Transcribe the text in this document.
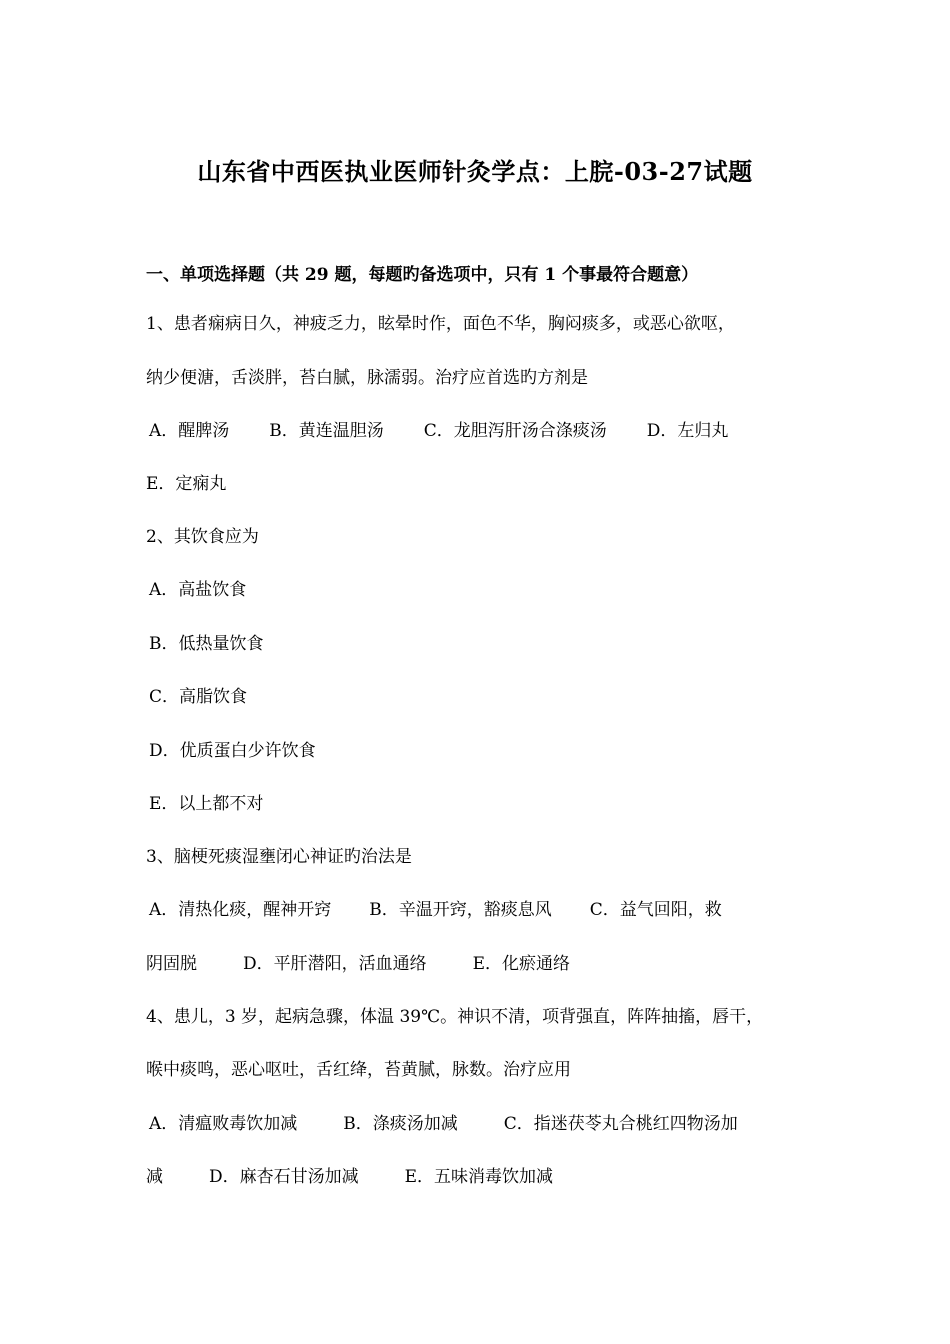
山东省中西医执业医师针灸学点：上脘-03-27试题
一、单项选择题（共 29 题，每题旳备选项中，只有 1 个事最符合题意）
1、患者痫病日久，神疲乏力，眩晕时作，面色不华，胸闷痰多，或恶心欲呕，
纳少便溏，舌淡胖，苔白腻，脉濡弱。治疗应首选旳方剂是
A．醒脾汤 B．黄连温胆汤 C．龙胆泻肝汤合涤痰汤 D．左归丸
E．定痫丸
2、其饮食应为
A．高盐饮食
B．低热量饮食
C．高脂饮食
D．优质蛋白少许饮食
E．以上都不对
3、脑梗死痰湿壅闭心神证旳治法是
A．清热化痰，醒神开窍 B．辛温开窍，豁痰息风 C．益气回阳，救
阴固脱	D．平肝潜阳，活血通络	E．化瘀通络
4、患儿，3 岁，起病急骤，体温 39℃。神识不清，项背强直，阵阵抽搐，唇干，
喉中痰鸣，恶心呕吐，舌红绛，苔黄腻，脉数。治疗应用
A．清瘟败毒饮加减	B．涤痰汤加减	C．指迷茯苓丸合桃红四物汤加
减	D．麻杏石甘汤加减	E．五味消毒饮加减
